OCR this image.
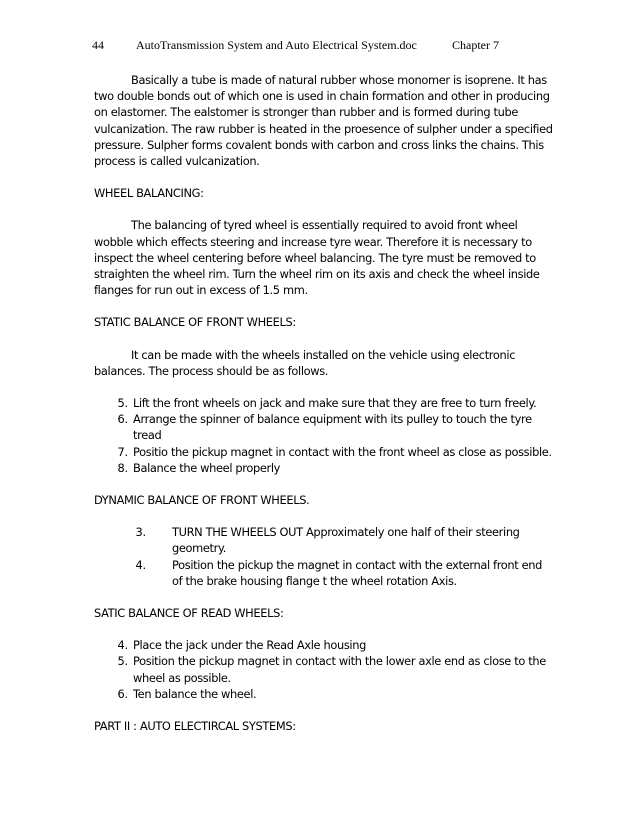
44	AutoTransmission System and Auto Electrical System.doc	Chapter 7

Basically a tube is made of natural rubber whose monomer is isoprene. It has two double bonds out of which one is used in chain formation and other in producing on elastomer. The ealstomer is stronger than rubber and is formed during tube vulcanization. The raw rubber is heated in the proesence of sulpher under a specified pressure. Sulpher forms covalent bonds with carbon and cross links the chains. This process is called vulcanization.

WHEEL BALANCING:

The balancing of tyred wheel is essentially required to avoid front wheel wobble which effects steering and increase tyre wear. Therefore it is necessary to inspect the wheel centering before wheel balancing. The tyre must be removed to straighten the wheel rim. Turn the wheel rim on its axis and check the wheel inside flanges for run out in excess of 1.5 mm.

STATIC BALANCE OF FRONT WHEELS:

It can be made with the wheels installed on the vehicle using electronic balances. The process should be as follows.

5. Lift the front wheels on jack and make sure that they are free to turn freely.
6. Arrange the spinner of balance equipment with its pulley to touch the tyre tread
7. Positio the pickup magnet in contact with the front wheel as close as possible.
8. Balance the wheel properly
DYNAMIC BALANCE OF FRONT WHEELS.
3. TURN THE WHEELS OUT Approximately one half of their steering geometry.
4. Position the pickup the magnet in contact with the external front end of the brake housing flange t the wheel rotation Axis.
SATIC BALANCE OF READ WHEELS:
4. Place the jack under the Read Axle housing
5. Position the pickup magnet in contact with the lower axle end as close to the wheel as possible.
6. Ten balance the wheel.
PART II : AUTO ELECTIRCAL SYSTEMS:
